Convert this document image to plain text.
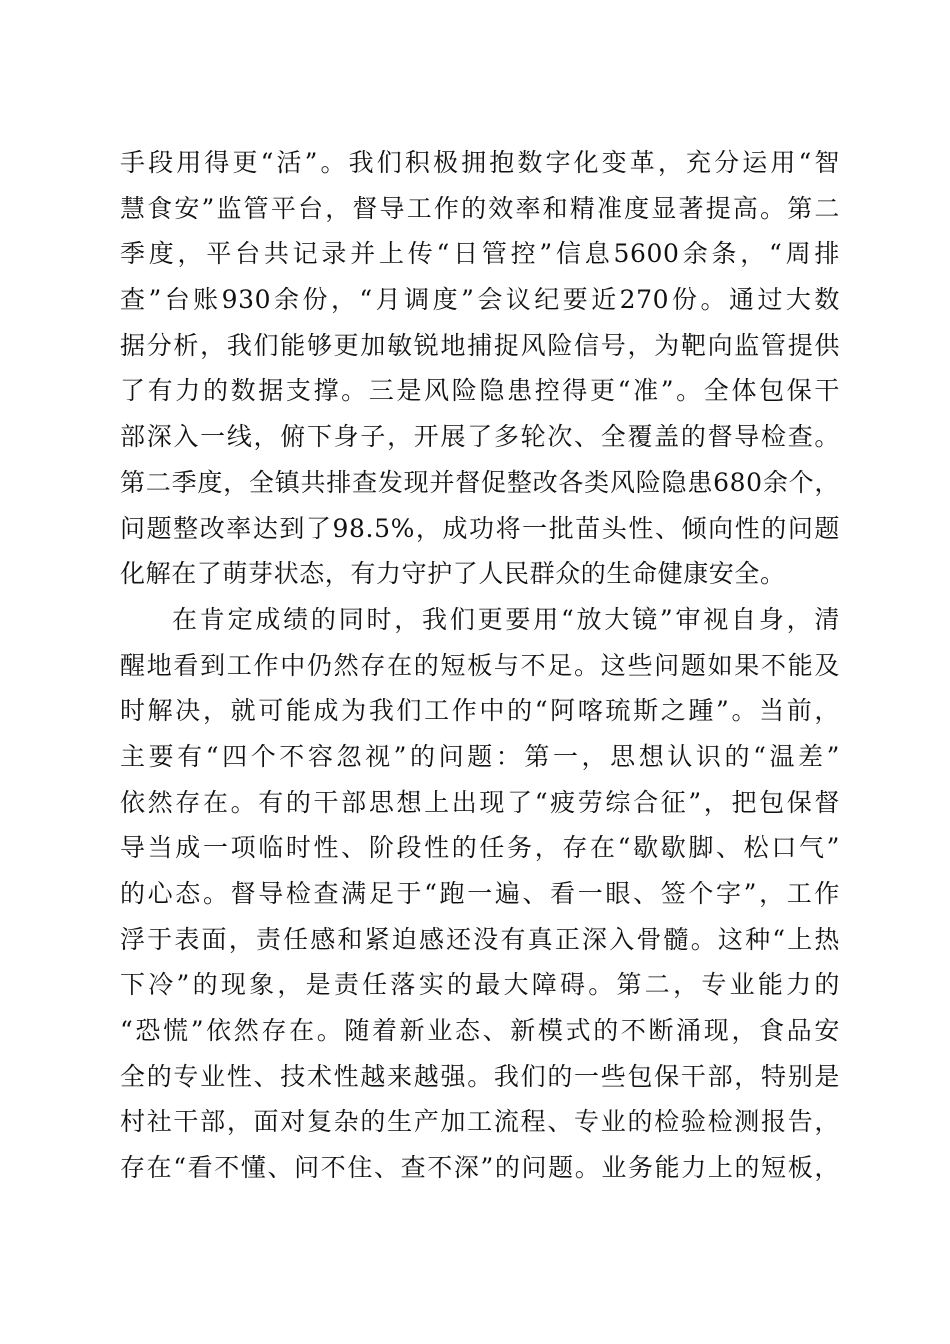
手段用得更“活”。我们积极拥抱数字化变革，充分运用“智
慧食安”监管平台，督导工作的效率和精准度显著提高。第二
季度，平台共记录并上传“日管控”信息5600余条，“周排
查”台账930余份，“月调度”会议纪要近270份。通过大数
据分析，我们能够更加敏锐地捕捉风险信号，为靶向监管提供
了有力的数据支撑。三是风险隐患控得更“准”。全体包保干
部深入一线，俯下身子，开展了多轮次、全覆盖的督导检查。
第二季度，全镇共排查发现并督促整改各类风险隐患680余个，
问题整改率达到了98.5%，成功将一批苗头性、倾向性的问题
化解在了萌芽状态，有力守护了人民群众的生命健康安全。
在肯定成绩的同时，我们更要用“放大镜”审视自身，清
醒地看到工作中仍然存在的短板与不足。这些问题如果不能及
时解决，就可能成为我们工作中的“阿喀琉斯之踵”。当前，
主要有“四个不容忽视”的问题：第一，思想认识的“温差”
依然存在。有的干部思想上出现了“疲劳综合征”，把包保督
导当成一项临时性、阶段性的任务，存在“歇歇脚、松口气”
的心态。督导检查满足于“跑一遍、看一眼、签个字”，工作
浮于表面，责任感和紧迫感还没有真正深入骨髓。这种“上热
下冷”的现象，是责任落实的最大障碍。第二，专业能力的
“恐慌”依然存在。随着新业态、新模式的不断涌现，食品安
全的专业性、技术性越来越强。我们的一些包保干部，特别是
村社干部，面对复杂的生产加工流程、专业的检验检测报告，
存在“看不懂、问不住、查不深”的问题。业务能力上的短板，
